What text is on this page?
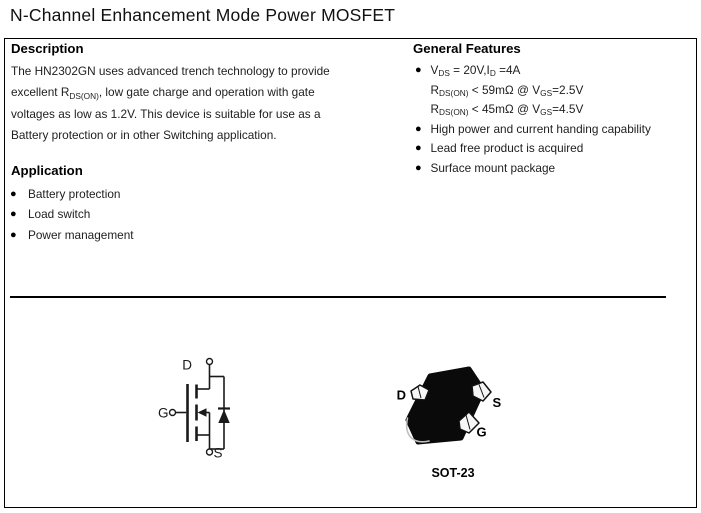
N-Channel Enhancement Mode Power MOSFET
Description
The HN2302GN uses advanced trench technology to provide
excellent $R_{DS(ON)}$, low gate charge and operation with gate
voltages as low as 1.2V. This device is suitable for use as a
Battery protection or in other Switching application.
Application
● Battery protection
● Load switch
● Power management
General Features
● $V_{DS} = 20V,I_D =4A$
$R_{DS(ON)} < 59m\Omega$ @ $V_{GS}=2.5V$
$R_{DS(ON)} < 45m\Omega$ @ $V_{GS}=4.5V$
● High power and current handing capability
● Lead free product is acquired
● Surface mount package
D
G
S
D	S
G
SOT-23
